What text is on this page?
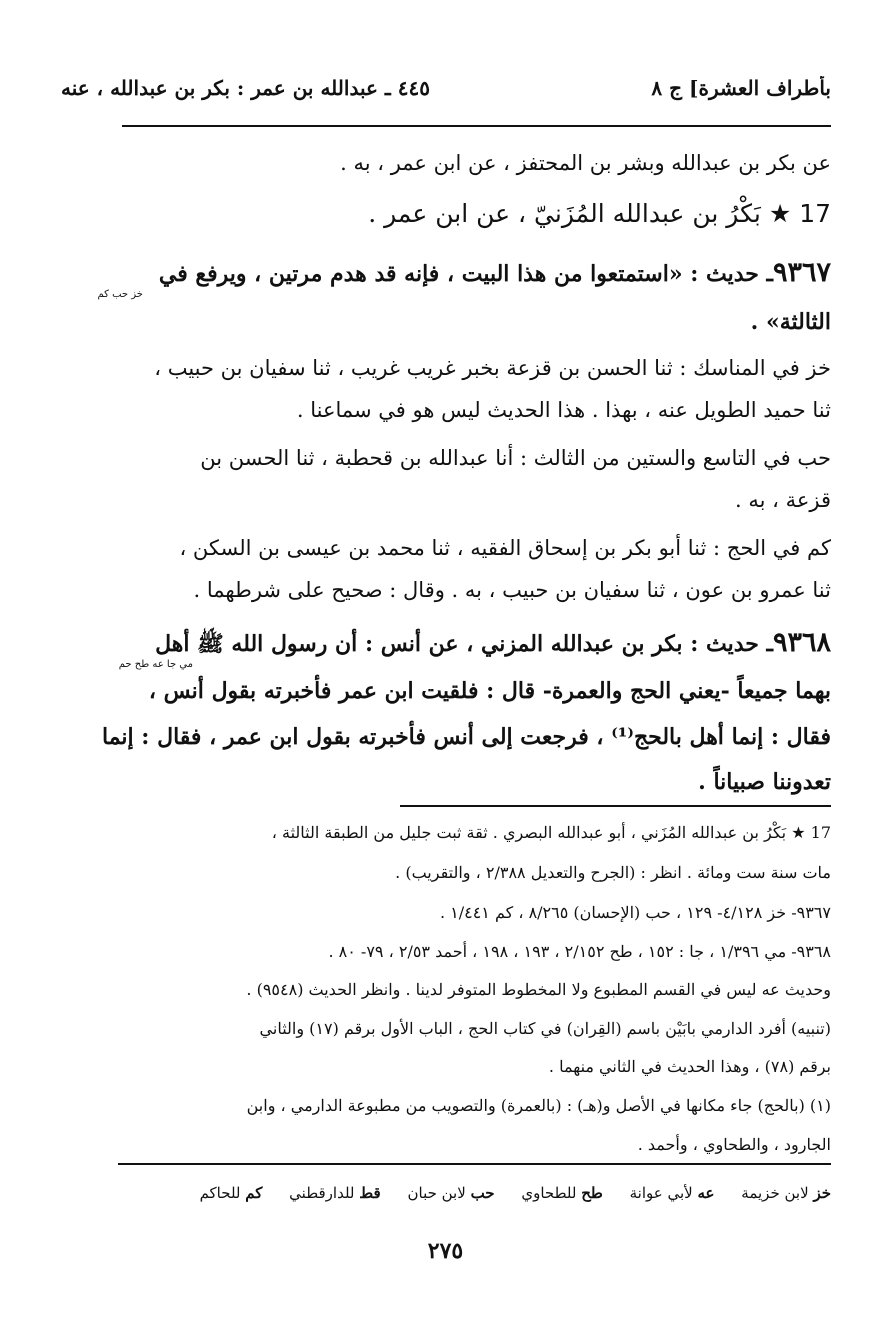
بأطراف العشرة] ج ٨
٤٤٥ ـ عبدالله بن عمر : بكر بن عبدالله ، عنه
عن بكر بن عبدالله وبشر بن المحتفز ، عن ابن عمر ، به .
17 ★ بَكْرُ بن عبدالله المُزَنيّ ، عن ابن عمر .
٩٣٦٧ـ حديث : «استمتعوا من هذا البيت ، فإنه قد هدم مرتين ، ويرفع في
خز حب كم
الثالثة» .
خز في المناسك : ثنا الحسن بن قزعة بخبر غريب غريب ، ثنا سفيان بن حبيب ،
ثنا حميد الطويل عنه ، بهذا . هذا الحديث ليس هو في سماعنا .
حب في التاسع والستين من الثالث : أنا عبدالله بن قحطبة ، ثنا الحسن بن
قزعة ، به .
كم في الحج : ثنا أبو بكر بن إسحاق الفقيه ، ثنا محمد بن عيسى بن السكن ،
ثنا عمرو بن عون ، ثنا سفيان بن حبيب ، به . وقال : صحيح على شرطهما .
٩٣٦٨ـ حديث : بكر بن عبدالله المزني ، عن أنس : أن رسول الله ﷺ أهل
مي جا عه طح حم
بهما جميعاً -يعني الحج والعمرة- قال : فلقيت ابن عمر فأخبرته بقول أنس ،
فقال : إنما أهل بالحج⁽¹⁾ ، فرجعت إلى أنس فأخبرته بقول ابن عمر ، فقال : إنما
تعدوننا صبياناً .
17 ★ بَكْرُ بن عبدالله المُزَني ، أبو عبدالله البصري . ثقة ثبت جليل من الطبقة الثالثة ،
مات سنة ست ومائة . انظر : (الجرح والتعديل ٢/٣٨٨ ، والتقريب) .
٩٣٦٧- خز ٤/١٢٨- ١٢٩ ، حب (الإحسان) ٨/٢٦٥ ، كم ١/٤٤١ .
٩٣٦٨- مي ١/٣٩٦ ، جا : ١٥٢ ، طح ٢/١٥٢ ، ١٩٣ ، ١٩٨ ، أحمد ٢/٥٣ ، ٧٩- ٨٠ .
وحديث عه ليس في القسم المطبوع ولا المخطوط المتوفر لدينا . وانظر الحديث (٩٥٤٨) .
(تنبيه) أفرد الدارمي بابَيْن باسم (القِران) في كتاب الحج ، الباب الأول برقم (١٧) والثاني
برقم (٧٨) ، وهذا الحديث في الثاني منهما .
(١) (بالحج) جاء مكانها في الأصل و(هـ) : (بالعمرة) والتصويب من مطبوعة الدارمي ، وابن
الجارود ، والطحاوي ، وأحمد .
خز لابن خزيمة عه لأبي عوانة طح للطحاوي حب لابن حبان قط للدارقطني كم للحاكم
٢٧٥
